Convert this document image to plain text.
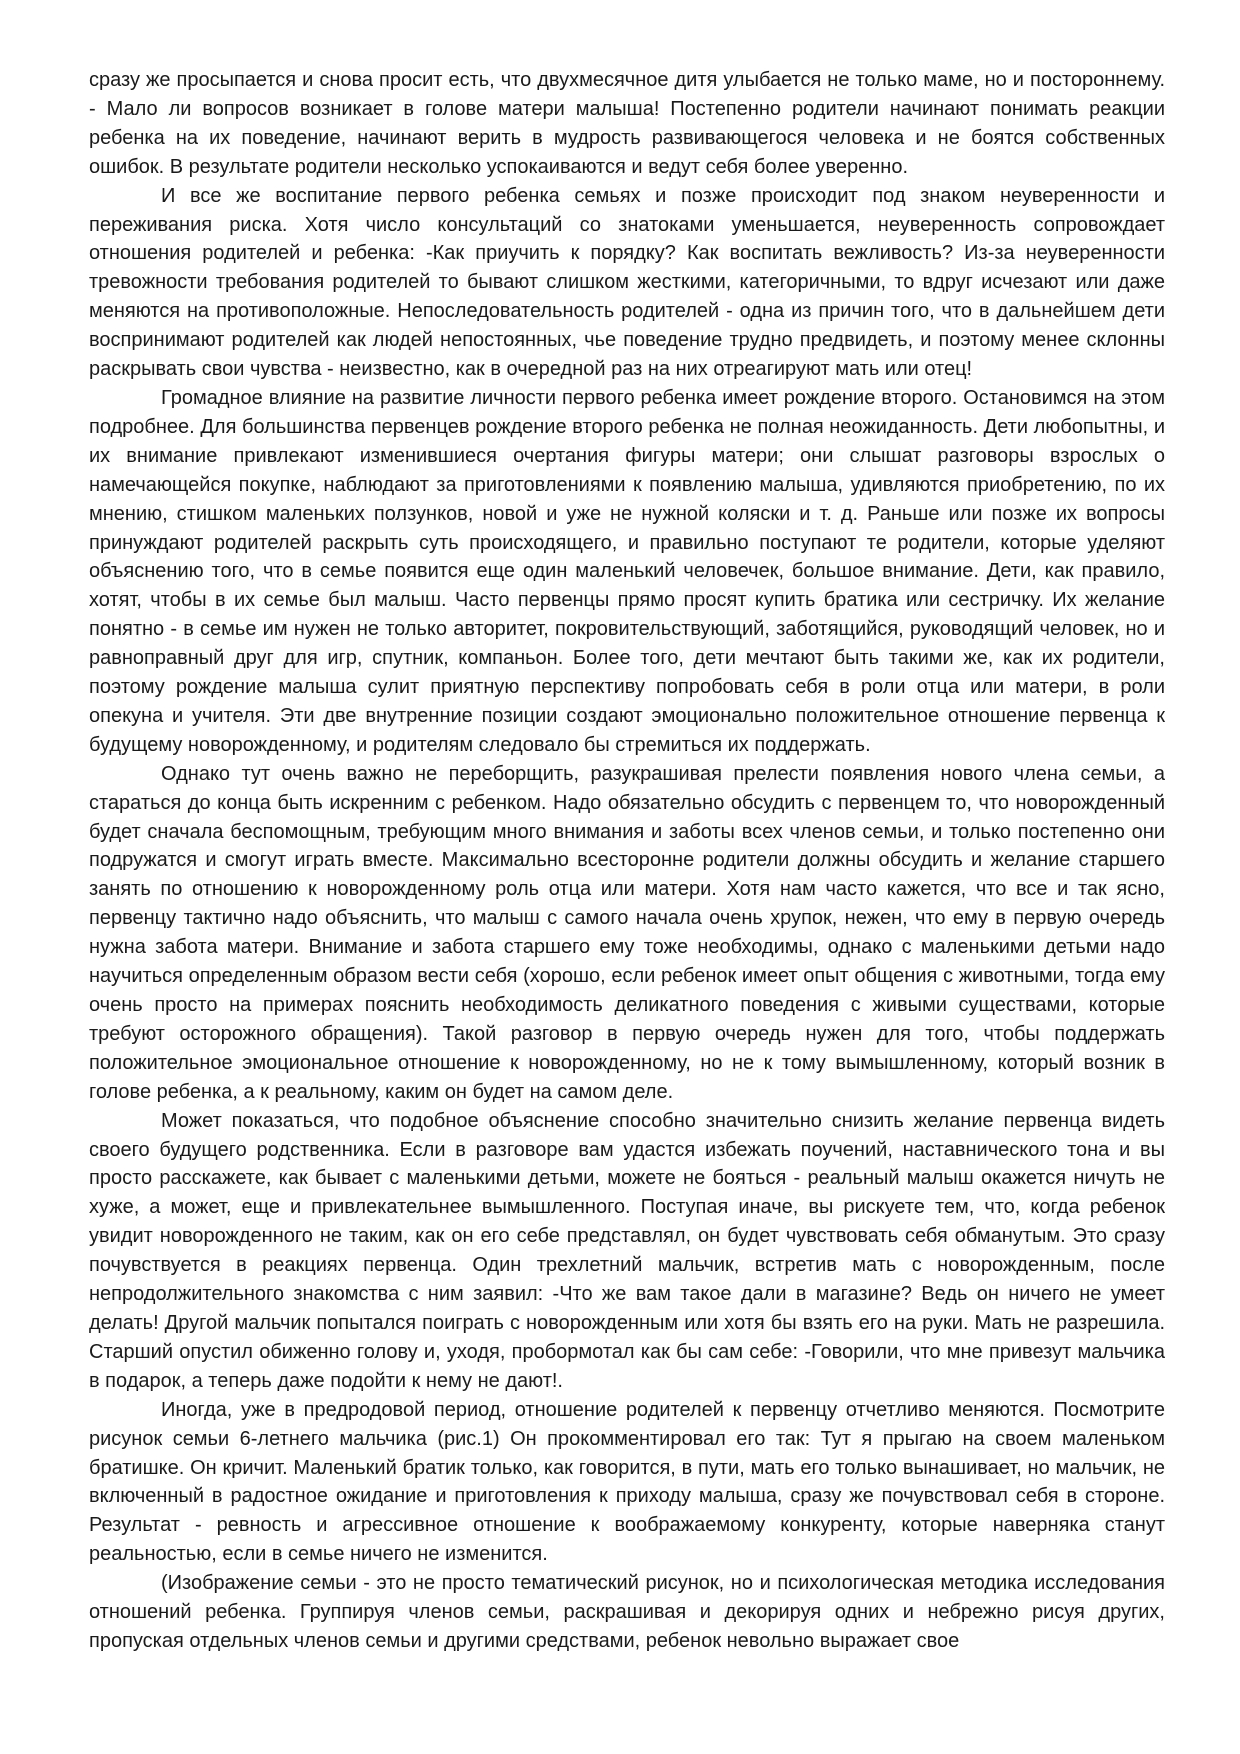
сразу же просыпается и снова просит есть, что двухмесячное дитя улыбается не только маме, но и постороннему. - Мало ли вопросов возникает в голове матери малыша! Постепенно родители начинают понимать реакции ребенка на их поведение, начинают верить в мудрость развивающегося человека и не боятся собственных ошибок. В результате родители несколько успокаиваются и ведут себя более уверенно.

И все же воспитание первого ребенка семьях и позже происходит под знаком неуверенности и переживания риска. Хотя число консультаций со знатоками уменьшается, неуверенность сопровождает отношения родителей и ребенка: -Как приучить к порядку? Как воспитать вежливость? Из-за неуверенности тревожности требования родителей то бывают слишком жесткими, категоричными, то вдруг исчезают или даже меняются на противоположные. Непоследовательность родителей - одна из причин того, что в дальнейшем дети воспринимают родителей как людей непостоянных, чье поведение трудно предвидеть, и поэтому менее склонны раскрывать свои чувства - неизвестно, как в очередной раз на них отреагируют мать или отец!

Громадное влияние на развитие личности первого ребенка имеет рождение второго. Остановимся на этом подробнее. Для большинства первенцев рождение второго ребенка не полная неожиданность. Дети любопытны, и их внимание привлекают изменившиеся очертания фигуры матери; они слышат разговоры взрослых о намечающейся покупке, наблюдают за приготовлениями к появлению малыша, удивляются приобретению, по их мнению, стишком маленьких ползунков, новой и уже не нужной коляски и т. д. Раньше или позже их вопросы принуждают родителей раскрыть суть происходящего, и правильно поступают те родители, которые уделяют объяснению того, что в семье появится еще один маленький человечек, большое внимание. Дети, как правило, хотят, чтобы в их семье был малыш. Часто первенцы прямо просят купить братика или сестричку. Их желание понятно - в семье им нужен не только авторитет, покровительствующий, заботящийся, руководящий человек, но и равноправный друг для игр, спутник, компаньон. Более того, дети мечтают быть такими же, как их родители, поэтому рождение малыша сулит приятную перспективу попробовать себя в роли отца или матери, в роли опекуна и учителя. Эти две внутренние позиции создают эмоционально положительное отношение первенца к будущему новорожденному, и родителям следовало бы стремиться их поддержать.

Однако тут очень важно не переборщить, разукрашивая прелести появления нового члена семьи, а стараться до конца быть искренним с ребенком. Надо обязательно обсудить с первенцем то, что новорожденный будет сначала беспомощным, требующим много внимания и заботы всех членов семьи, и только постепенно они подружатся и смогут играть вместе. Максимально всесторонне родители должны обсудить и желание старшего занять по отношению к новорожденному роль отца или матери. Хотя нам часто кажется, что все и так ясно, первенцу тактично надо объяснить, что малыш с самого начала очень хрупок, нежен, что ему в первую очередь нужна забота матери. Внимание и забота старшего ему тоже необходимы, однако с маленькими детьми надо научиться определенным образом вести себя (хорошо, если ребенок имеет опыт общения с животными, тогда ему очень просто на примерах пояснить необходимость деликатного поведения с живыми существами, которые требуют осторожного обращения). Такой разговор в первую очередь нужен для того, чтобы поддержать положительное эмоциональное отношение к новорожденному, но не к тому вымышленному, который возник в голове ребенка, а к реальному, каким он будет на самом деле.

Может показаться, что подобное объяснение способно значительно снизить желание первенца видеть своего будущего родственника. Если в разговоре вам удастся избежать поучений, наставнического тона и вы просто расскажете, как бывает с маленькими детьми, можете не бояться - реальный малыш окажется ничуть не хуже, а может, еще и привлекательнее вымышленного. Поступая иначе, вы рискуете тем, что, когда ребенок увидит новорожденного не таким, как он его себе представлял, он будет чувствовать себя обманутым. Это сразу почувствуется в реакциях первенца. Один трехлетний мальчик, встретив мать с новорожденным, после непродолжительного знакомства с ним заявил: -Что же вам такое дали в магазине? Ведь он ничего не умеет делать! Другой мальчик попытался поиграть с новорожденным или хотя бы взять его на руки. Мать не разрешила. Старший опустил обиженно голову и, уходя, пробормотал как бы сам себе: -Говорили, что мне привезут мальчика в подарок, а теперь даже подойти к нему не дают!.

Иногда, уже в предродовой период, отношение родителей к первенцу отчетливо меняются. Посмотрите рисунок семьи 6-летнего мальчика (рис.1) Он прокомментировал его так: Тут я прыгаю на своем маленьком братишке. Он кричит. Маленький братик только, как говорится, в пути, мать его только вынашивает, но мальчик, не включенный в радостное ожидание и приготовления к приходу малыша, сразу же почувствовал себя в стороне. Результат - ревность и агрессивное отношение к воображаемому конкуренту, которые наверняка станут реальностью, если в семье ничего не изменится.

(Изображение семьи - это не просто тематический рисунок, но и психологическая методика исследования отношений ребенка. Группируя членов семьи, раскрашивая и декорируя одних и небрежно рисуя других, пропуская отдельных членов семьи и другими средствами, ребенок невольно выражает свое
